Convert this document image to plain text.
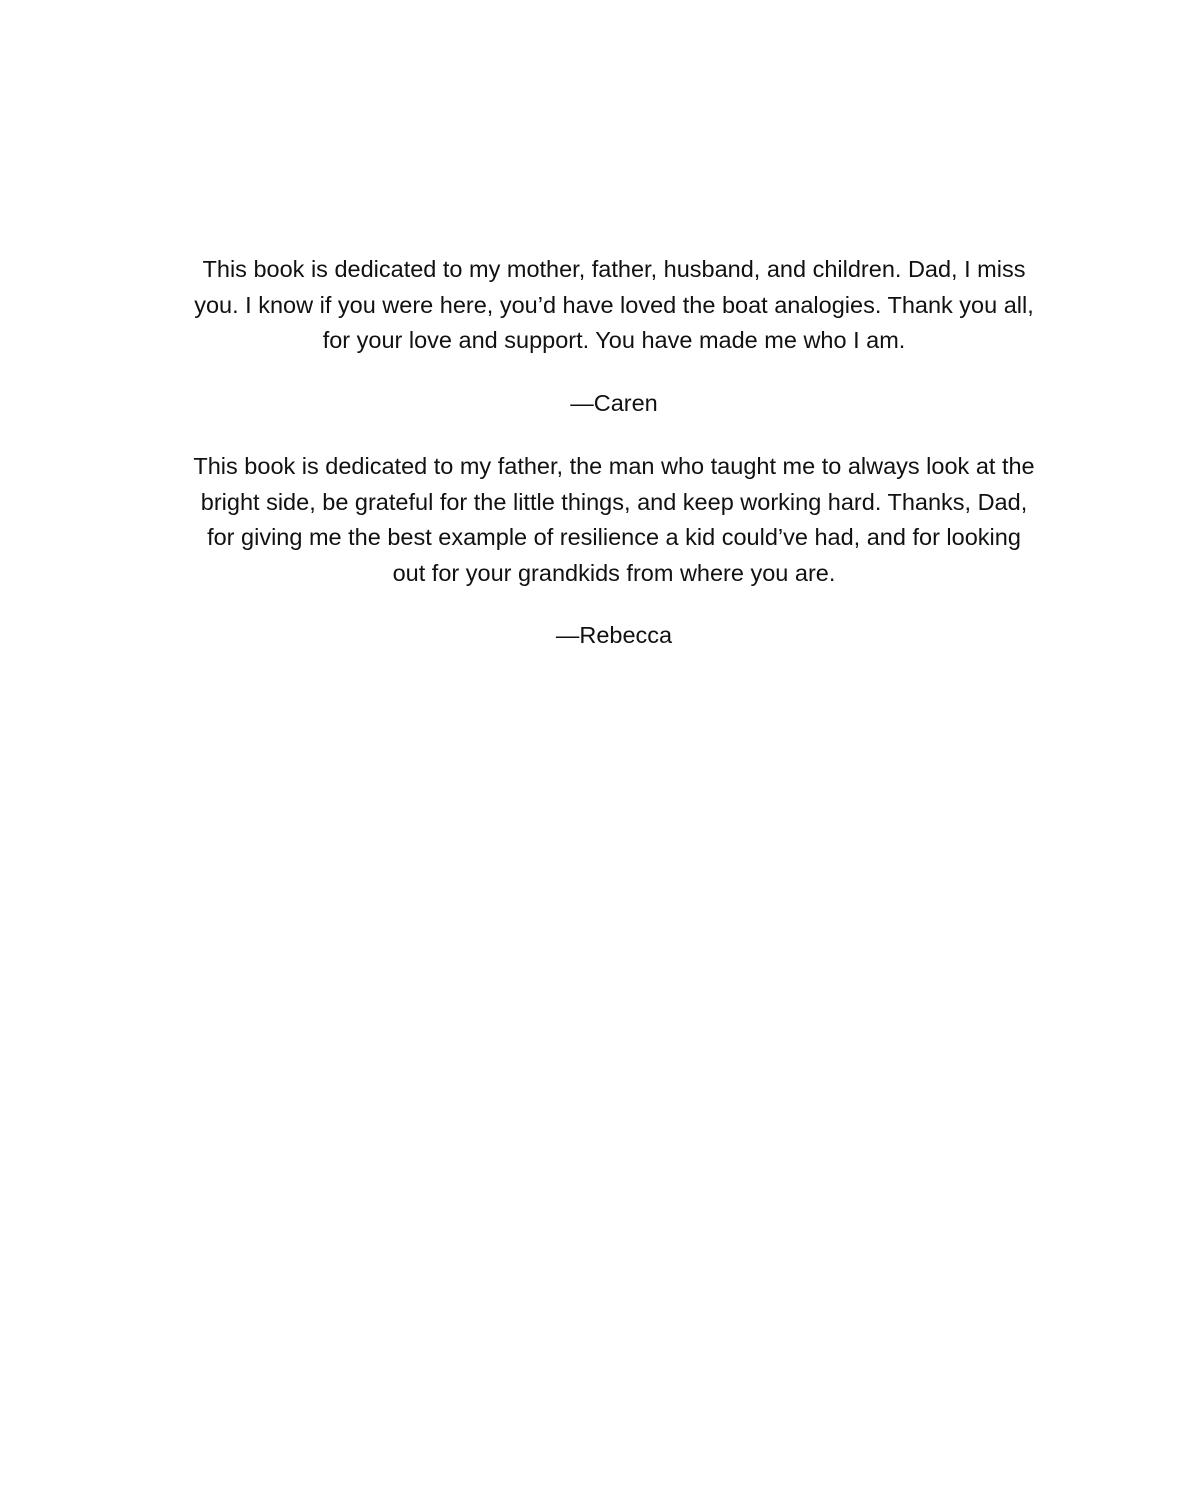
This book is dedicated to my mother, father, husband, and children. Dad, I miss
you. I know if you were here, you’d have loved the boat analogies. Thank you all,
for your love and support. You have made me who I am.

—Caren

This book is dedicated to my father, the man who taught me to always look at the
bright side, be grateful for the little things, and keep working hard. Thanks, Dad,
for giving me the best example of resilience a kid could’ve had, and for looking
out for your grandkids from where you are.

—Rebecca
